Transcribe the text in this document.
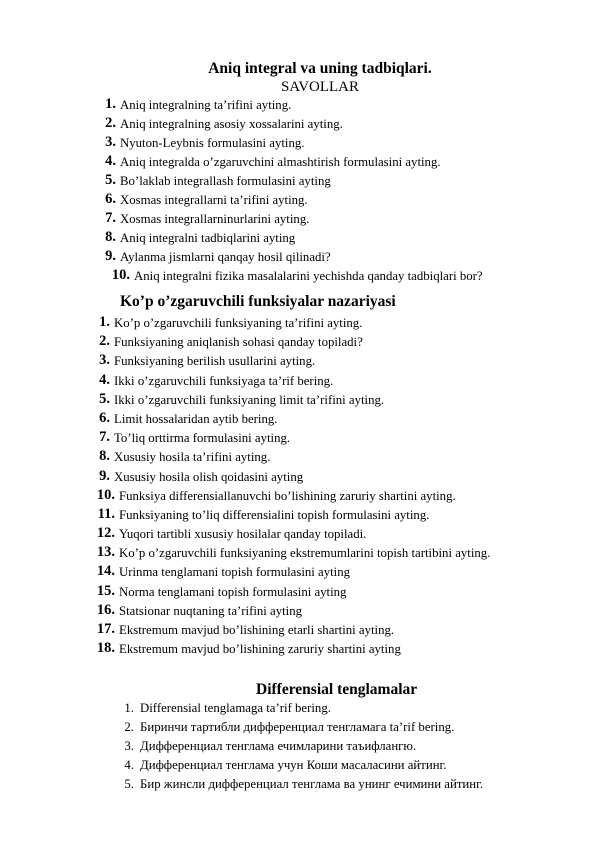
Aniq integral va uning tadbiqlari.
SAVOLLAR
1. Aniq integralning ta’rifini ayting.
2. Aniq integralning asosiy xossalarini ayting.
3. Nyuton-Leybnis formulasini ayting.
4. Aniq integralda o’zgaruvchini almashtirish formulasini ayting.
5. Bo’laklab integrallash formulasini ayting
6. Xosmas integrallarni ta’rifini ayting.
7. Xosmas integrallarninurlarini ayting.
8. Aniq integralni tadbiqlarini ayting
9. Aylanma jismlarni qanqay hosil qilinadi?
10. Aniq integralni fizika masalalarini yechishda qanday tadbiqlari bor?
Ko’p o’zgaruvchili funksiyalar nazariyasi
1. Ko’p o’zgaruvchili funksiyaning ta’rifini ayting.
2. Funksiyaning aniqlanish sohasi qanday topiladi?
3. Funksiyaning berilish usullarini ayting.
4. Ikki o’zgaruvchili funksiyaga ta’rif bering.
5. Ikki o’zgaruvchili funksiyaning limit ta’rifini ayting.
6. Limit hossalaridan aytib bering.
7. To’liq orttirma formulasini ayting.
8. Xususiy hosila ta’rifini ayting.
9. Xususiy hosila olish qoidasini ayting
10. Funksiya differensiallanuvchi bo’lishining zaruriy shartini ayting.
11. Funksiyaning to’liq differensialini topish formulasini ayting.
12. Yuqori tartibli xususiy hosilalar qanday topiladi.
13. Ko’p o’zgaruvchili funksiyaning ekstremumlarini topish tartibini ayting.
14. Urinma tenglamani topish formulasini ayting
15. Norma tenglamani topish formulasini ayting
16. Statsionar nuqtaning ta’rifini ayting
17. Ekstremum mavjud bo’lishining etarli shartini ayting.
18. Ekstremum mavjud bo’lishining zaruriy shartini ayting
Differensial tenglamalar
1. Differensial tenglamaga ta’rif bering.
2. Биринчи тартибли дифференциал тенгламага ta’rif bering.
3. Дифференциал тенглама ечимларини таъифлангю.
4. Дифференциал тенглама учун Коши масаласини айтинг.
5. Бир жинсли дифференциал тенглама ва унинг ечимини айтинг.
